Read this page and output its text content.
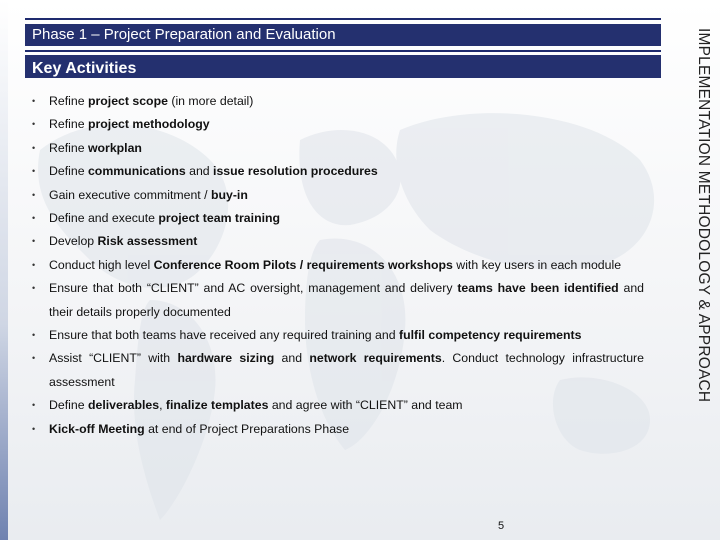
Phase 1 – Project Preparation and Evaluation
Key Activities	IMPLEMENTATION METHODOLOGY & APPROACH
• Refine project scope (in more detail)
• Refine project methodology
• Refine workplan
• Define communications and issue resolution procedures
• Gain executive commitment / buy-in
• Define and execute project team training
• Develop Risk assessment
• Conduct high level Conference Room Pilots / requirements workshops with key users in each module
• Ensure that both “CLIENT” and AC oversight, management and delivery teams have been identified and their details properly documented
• Ensure that both teams have received any required training and fulfil competency requirements
• Assist “CLIENT” with hardware sizing and network requirements. Conduct technology infrastructure assessment
• Define deliverables, finalize templates and agree with “CLIENT” and team
• Kick-off Meeting at end of Project Preparations Phase
5
